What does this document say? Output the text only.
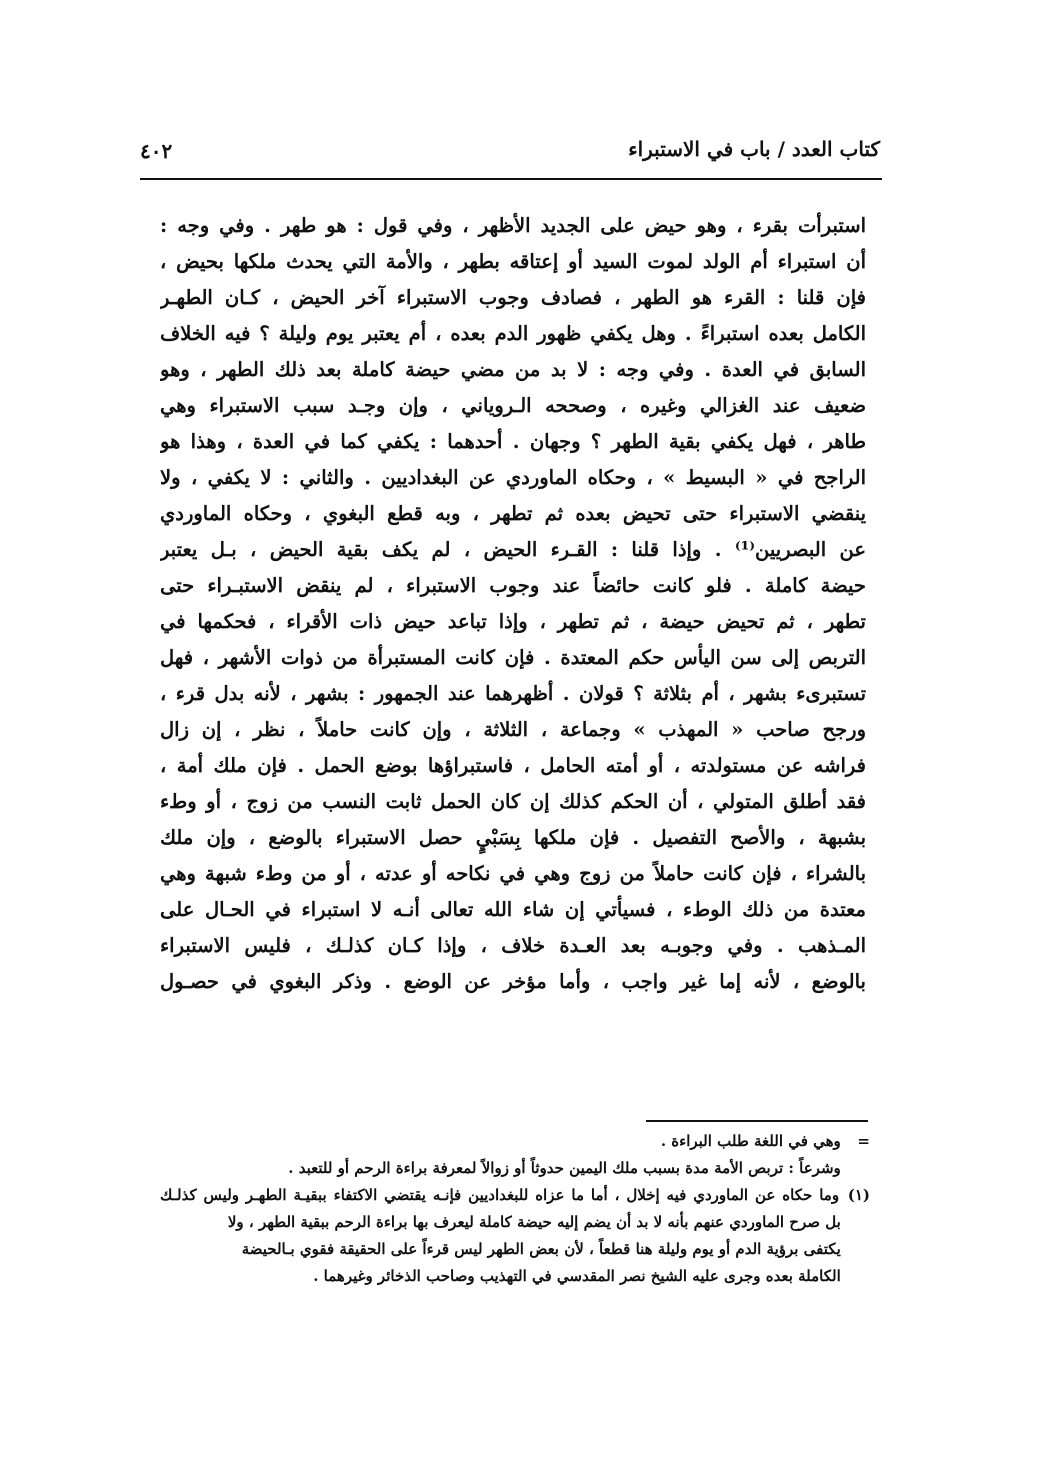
كتاب العدد / باب في الاستبراء
٤٠٢
استبرأت بقرء ، وهو حيض على الجديد الأظهر ، وفي قول : هو طهر . وفي وجه :
أن استبراء أم الولد لموت السيد أو إعتاقه بطهر ، والأمة التي يحدث ملكها بحيض ،
فإن قلنا : القرء هو الطهر ، فصادف وجوب الاستبراء آخر الحيض ، كـان الطهـر
الكامل بعده استبراءً . وهل يكفي ظهور الدم بعده ، أم يعتبر يوم وليلة ؟ فيه الخلاف
السابق في العدة . وفي وجه : لا بد من مضي حيضة كاملة بعد ذلك الطهر ، وهو
ضعيف عند الغزالي وغيره ، وصححه الـروياني ، وإن وجـد سبب الاستبراء وهي
طاهر ، فهل يكفي بقية الطهر ؟ وجهان . أحدهما : يكفي كما في العدة ، وهذا هو
الراجح في « البسيط » ، وحكاه الماوردي عن البغداديين . والثاني : لا يكفي ، ولا
ينقضي الاستبراء حتى تحيض بعده ثم تطهر ، وبه قطع البغوي ، وحكاه الماوردي
عن البصريين⁽¹⁾ . وإذا قلنا : القـرء الحيض ، لم يكف بقية الحيض ، بـل يعتبر
حيضة كاملة . فلو كانت حائضاً عند وجوب الاستبراء ، لم ينقض الاستبـراء حتى
تطهر ، ثم تحيض حيضة ، ثم تطهر ، وإذا تباعد حيض ذات الأقراء ، فحكمها في
التربص إلى سن اليأس حكم المعتدة . فإن كانت المستبرأة من ذوات الأشهر ، فهل
تستبرىء بشهر ، أم بثلاثة ؟ قولان . أظهرهما عند الجمهور : بشهر ، لأنه بدل قرء ،
ورجح صاحب « المهذب » وجماعة ، الثلاثة ، وإن كانت حاملاً ، نظر ، إن زال
فراشه عن مستولدته ، أو أمته الحامل ، فاستبراؤها بوضع الحمل . فإن ملك أمة ،
فقد أطلق المتولي ، أن الحكم كذلك إن كان الحمل ثابت النسب من زوج ، أو وطء
بشبهة ، والأصح التفصيل . فإن ملكها بِسَبْيٍ حصل الاستبراء بالوضع ، وإن ملك
بالشراء ، فإن كانت حاملاً من زوج وهي في نكاحه أو عدته ، أو من وطء شبهة وهي
معتدة من ذلك الوطء ، فسيأتي إن شاء الله تعالى أنـه لا استبراء في الحـال على
المـذهب . وفي وجوبـه بعد العـدة خلاف ، وإذا كـان كذلـك ، فليس الاستبراء
بالوضع ، لأنه إما غير واجب ، وأما مؤخر عن الوضع . وذكر البغوي في حصـول
= وهي في اللغة طلب البراءة .
وشرعاً : تربص الأمة مدة بسبب ملك اليمين حدوثاً أو زوالاً لمعرفة براءة الرحم أو للتعبد .
(١) وما حكاه عن الماوردي فيه إخلال ، أما ما عزاه للبغداديين فإنـه يقتضي الاكتفاء ببقيـة الطهـر وليس كذلـك
بل صرح الماوردي عنهم بأنه لا بد أن يضم إليه حيضة كاملة ليعرف بها براءة الرحم ببقية الطهر ، ولا
يكتفى برؤية الدم أو يوم وليلة هنا قطعاً ، لأن بعض الطهر ليس قرءاً على الحقيقة فقوي بـالحيضة
الكاملة بعده وجرى عليه الشيخ نصر المقدسي في التهذيب وصاحب الذخائر وغيرهما .
